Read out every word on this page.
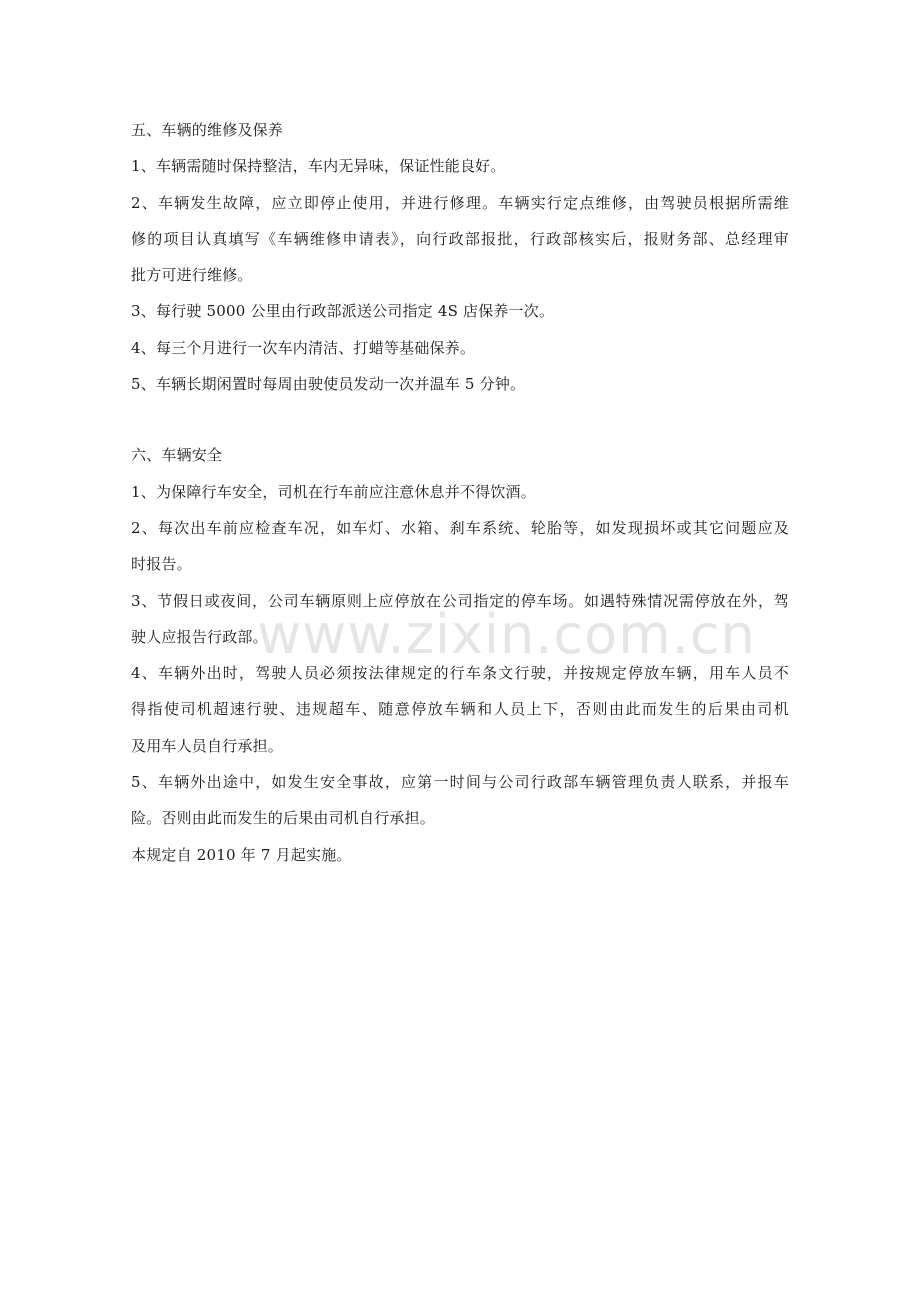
五、车辆的维修及保养
1、车辆需随时保持整洁，车内无异味，保证性能良好。
2、车辆发生故障，应立即停止使用，并进行修理。车辆实行定点维修，由驾驶员根据所需维
修的项目认真填写《车辆维修申请表》，向行政部报批，行政部核实后，报财务部、总经理审
批方可进行维修。
3、每行驶 5000 公里由行政部派送公司指定 4S 店保养一次。
4、每三个月进行一次车内清洁、打蜡等基础保养。
5、车辆长期闲置时每周由驶使员发动一次并温车 5 分钟。
六、车辆安全
1、为保障行车安全，司机在行车前应注意休息并不得饮酒。
2、每次出车前应检查车况，如车灯、水箱、刹车系统、轮胎等，如发现损坏或其它问题应及
时报告。
3、节假日或夜间，公司车辆原则上应停放在公司指定的停车场。如遇特殊情况需停放在外，驾
驶人应报告行政部。
4、车辆外出时，驾驶人员必须按法律规定的行车条文行驶，并按规定停放车辆，用车人员不
得指使司机超速行驶、违规超车、随意停放车辆和人员上下，否则由此而发生的后果由司机
及用车人员自行承担。
5、车辆外出途中，如发生安全事故，应第一时间与公司行政部车辆管理负责人联系，并报车
险。否则由此而发生的后果由司机自行承担。
本规定自 2010 年 7 月起实施。
www.zixin.com.cn
